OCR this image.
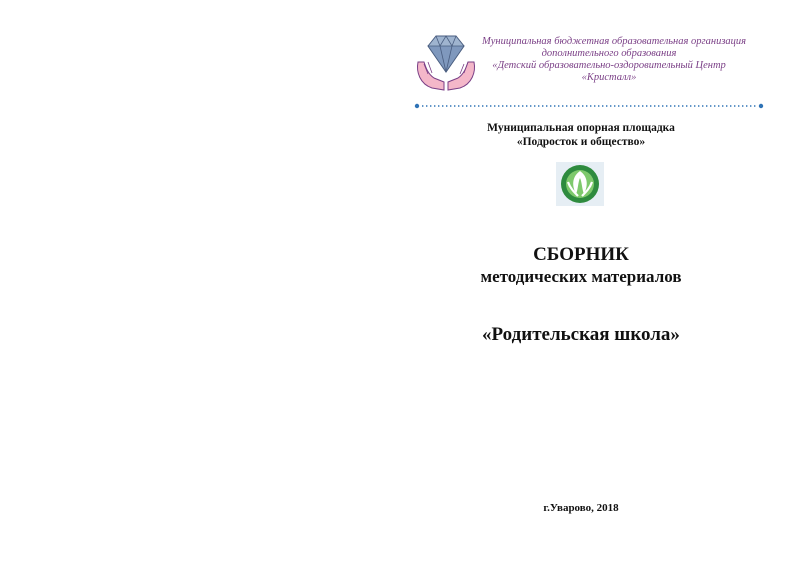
Муниципальная бюджетная образовательная организация
дополнительного образования
«Детский образовательно-оздоровительный Центр
«Кристалл»
Муниципальная опорная площадка
«Подросток и общество»
СБОРНИК
методических материалов
«Родительская школа»
г.Уварово, 2018
